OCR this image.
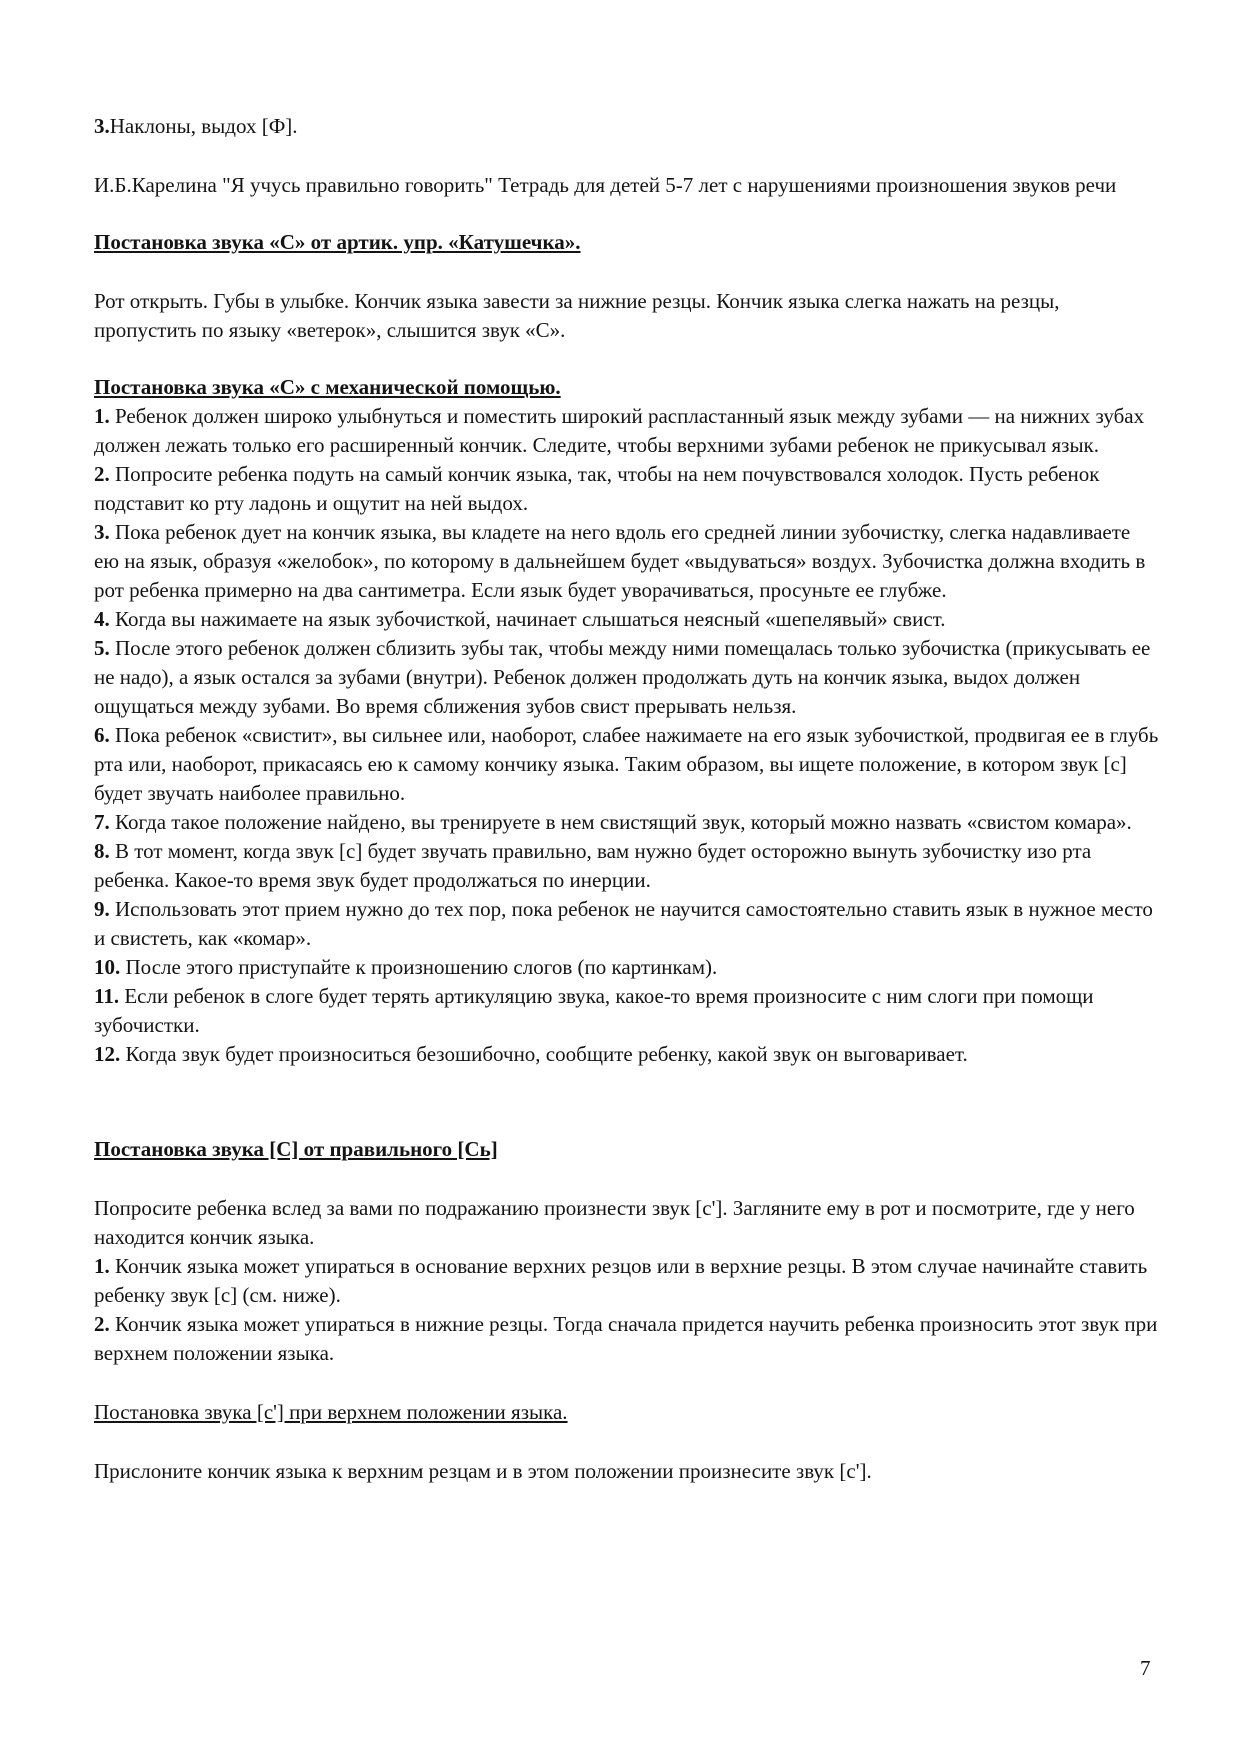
3.Наклоны, выдох [Ф].

И.Б.Карелина "Я учусь правильно говорить" Тетрадь для детей 5-7 лет с нарушениями произношения звуков речи

Постановка звука «С» от артик. упр. «Катушечка».

Рот открыть. Губы в улыбке. Кончик языка завести за нижние резцы. Кончик языка слегка нажать на резцы, пропустить по языку «ветерок», слышится звук «С».

Постановка звука «С» с механической помощью.

1. Ребенок должен широко улыбнуться и поместить широкий распластанный язык между зубами — на нижних зубах должен лежать только его расширенный кончик. Следите, чтобы верхними зубами ребенок не прикусывал язык.

2. Попросите ребенка подуть на самый кончик языка, так, чтобы на нем почувствовался холодок. Пусть ребенок подставит ко рту ладонь и ощутит на ней выдох.

3. Пока ребенок дует на кончик языка, вы кладете на него вдоль его средней линии зубочистку, слегка надавливаете ею на язык, образуя «желобок», по которому в дальнейшем будет «выдуваться» воздух. Зубочистка должна входить в рот ребенка примерно на два сантиметра. Если язык будет уворачиваться, просуньте ее глубже.

4. Когда вы нажимаете на язык зубочисткой, начинает слышаться неясный «шепелявый» свист.

5. После этого ребенок должен сблизить зубы так, чтобы между ними помещалась только зубочистка (прикусывать ее не надо), а язык остался за зубами (внутри). Ребенок должен продолжать дуть на кончик языка, выдох должен ощущаться между зубами. Во время сближения зубов свист прерывать нельзя.

6. Пока ребенок «свистит», вы сильнее или, наоборот, слабее нажимаете на его язык зубочисткой, продвигая ее в глубь рта или, наоборот, прикасаясь ею к самому кончику языка. Таким образом, вы ищете положение, в котором звук [с] будет звучать наиболее правильно.

7. Когда такое положение найдено, вы тренируете в нем свистящий звук, который можно назвать «свистом комара».

8. В тот момент, когда звук [с] будет звучать правильно, вам нужно будет осторожно вынуть зубочистку изо рта ребенка. Какое-то время звук будет продолжаться по инерции.

9. Использовать этот прием нужно до тех пор, пока ребенок не научится самостоятельно ставить язык в нужное место и свистеть, как «комар».

10. После этого приступайте к произношению слогов (по картинкам).

11. Если ребенок в слоге будет терять артикуляцию звука, какое-то время произносите с ним слоги при помощи зубочистки.

12. Когда звук будет произноситься безошибочно, сообщите ребенку, какой звук он выговаривает.

Постановка звука [С] от правильного [Сь]

Попросите ребенка вслед за вами по подражанию произнести звук [с']. Загляните ему в рот и посмотрите, где у него находится кончик языка.

1. Кончик языка может упираться в основание верхних резцов или в верхние резцы. В этом случае начинайте ставить ребенку звук [с] (см. ниже).

2. Кончик языка может упираться в нижние резцы. Тогда сначала придется научить ребенка произносить этот звук при верхнем положении языка.

Постановка звука [с'] при верхнем положении языка.

Прислоните кончик языка к верхним резцам и в этом положении произнесите звук [с'].

7
